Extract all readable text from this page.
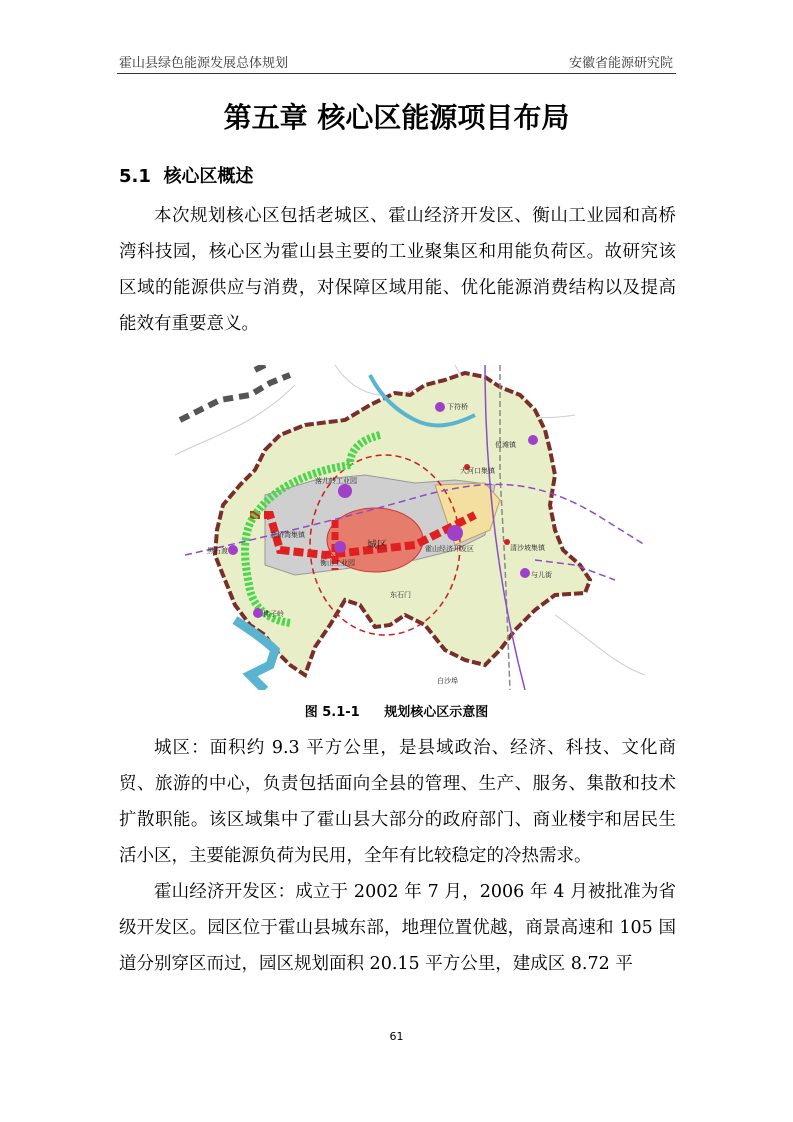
霍山县绿色能源发展总体规划	安徽省能源研究院
第五章 核心区能源项目布局
5.1 核心区概述
本次规划核心区包括老城区、霍山经济开发区、衡山工业园和高桥湾科技园，核心区为霍山县主要的工业聚集区和用能负荷区。故研究该区域的能源供应与消费，对保障区域用能、优化能源消费结构以及提高能效有重要意义。
城区
下符桥
但滩镇
大河口集镇
落儿岭工业园
高桥湾集镇
衡山工业园
霍山经济开发区
黑石渡
佛子岭
清沙坡集镇
与儿街
东石门
白沙埠
图 5.1-1 规划核心区示意图
城区：面积约 9.3 平方公里，是县域政治、经济、科技、文化商贸、旅游的中心，负责包括面向全县的管理、生产、服务、集散和技术扩散职能。该区域集中了霍山县大部分的政府部门、商业楼宇和居民生活小区，主要能源负荷为民用，全年有比较稳定的冷热需求。
霍山经济开发区：成立于 2002 年 7 月，2006 年 4 月被批准为省级开发区。园区位于霍山县城东部，地理位置优越，商景高速和 105 国道分别穿区而过，园区规划面积 20.15 平方公里，建成区 8.72 平
61
